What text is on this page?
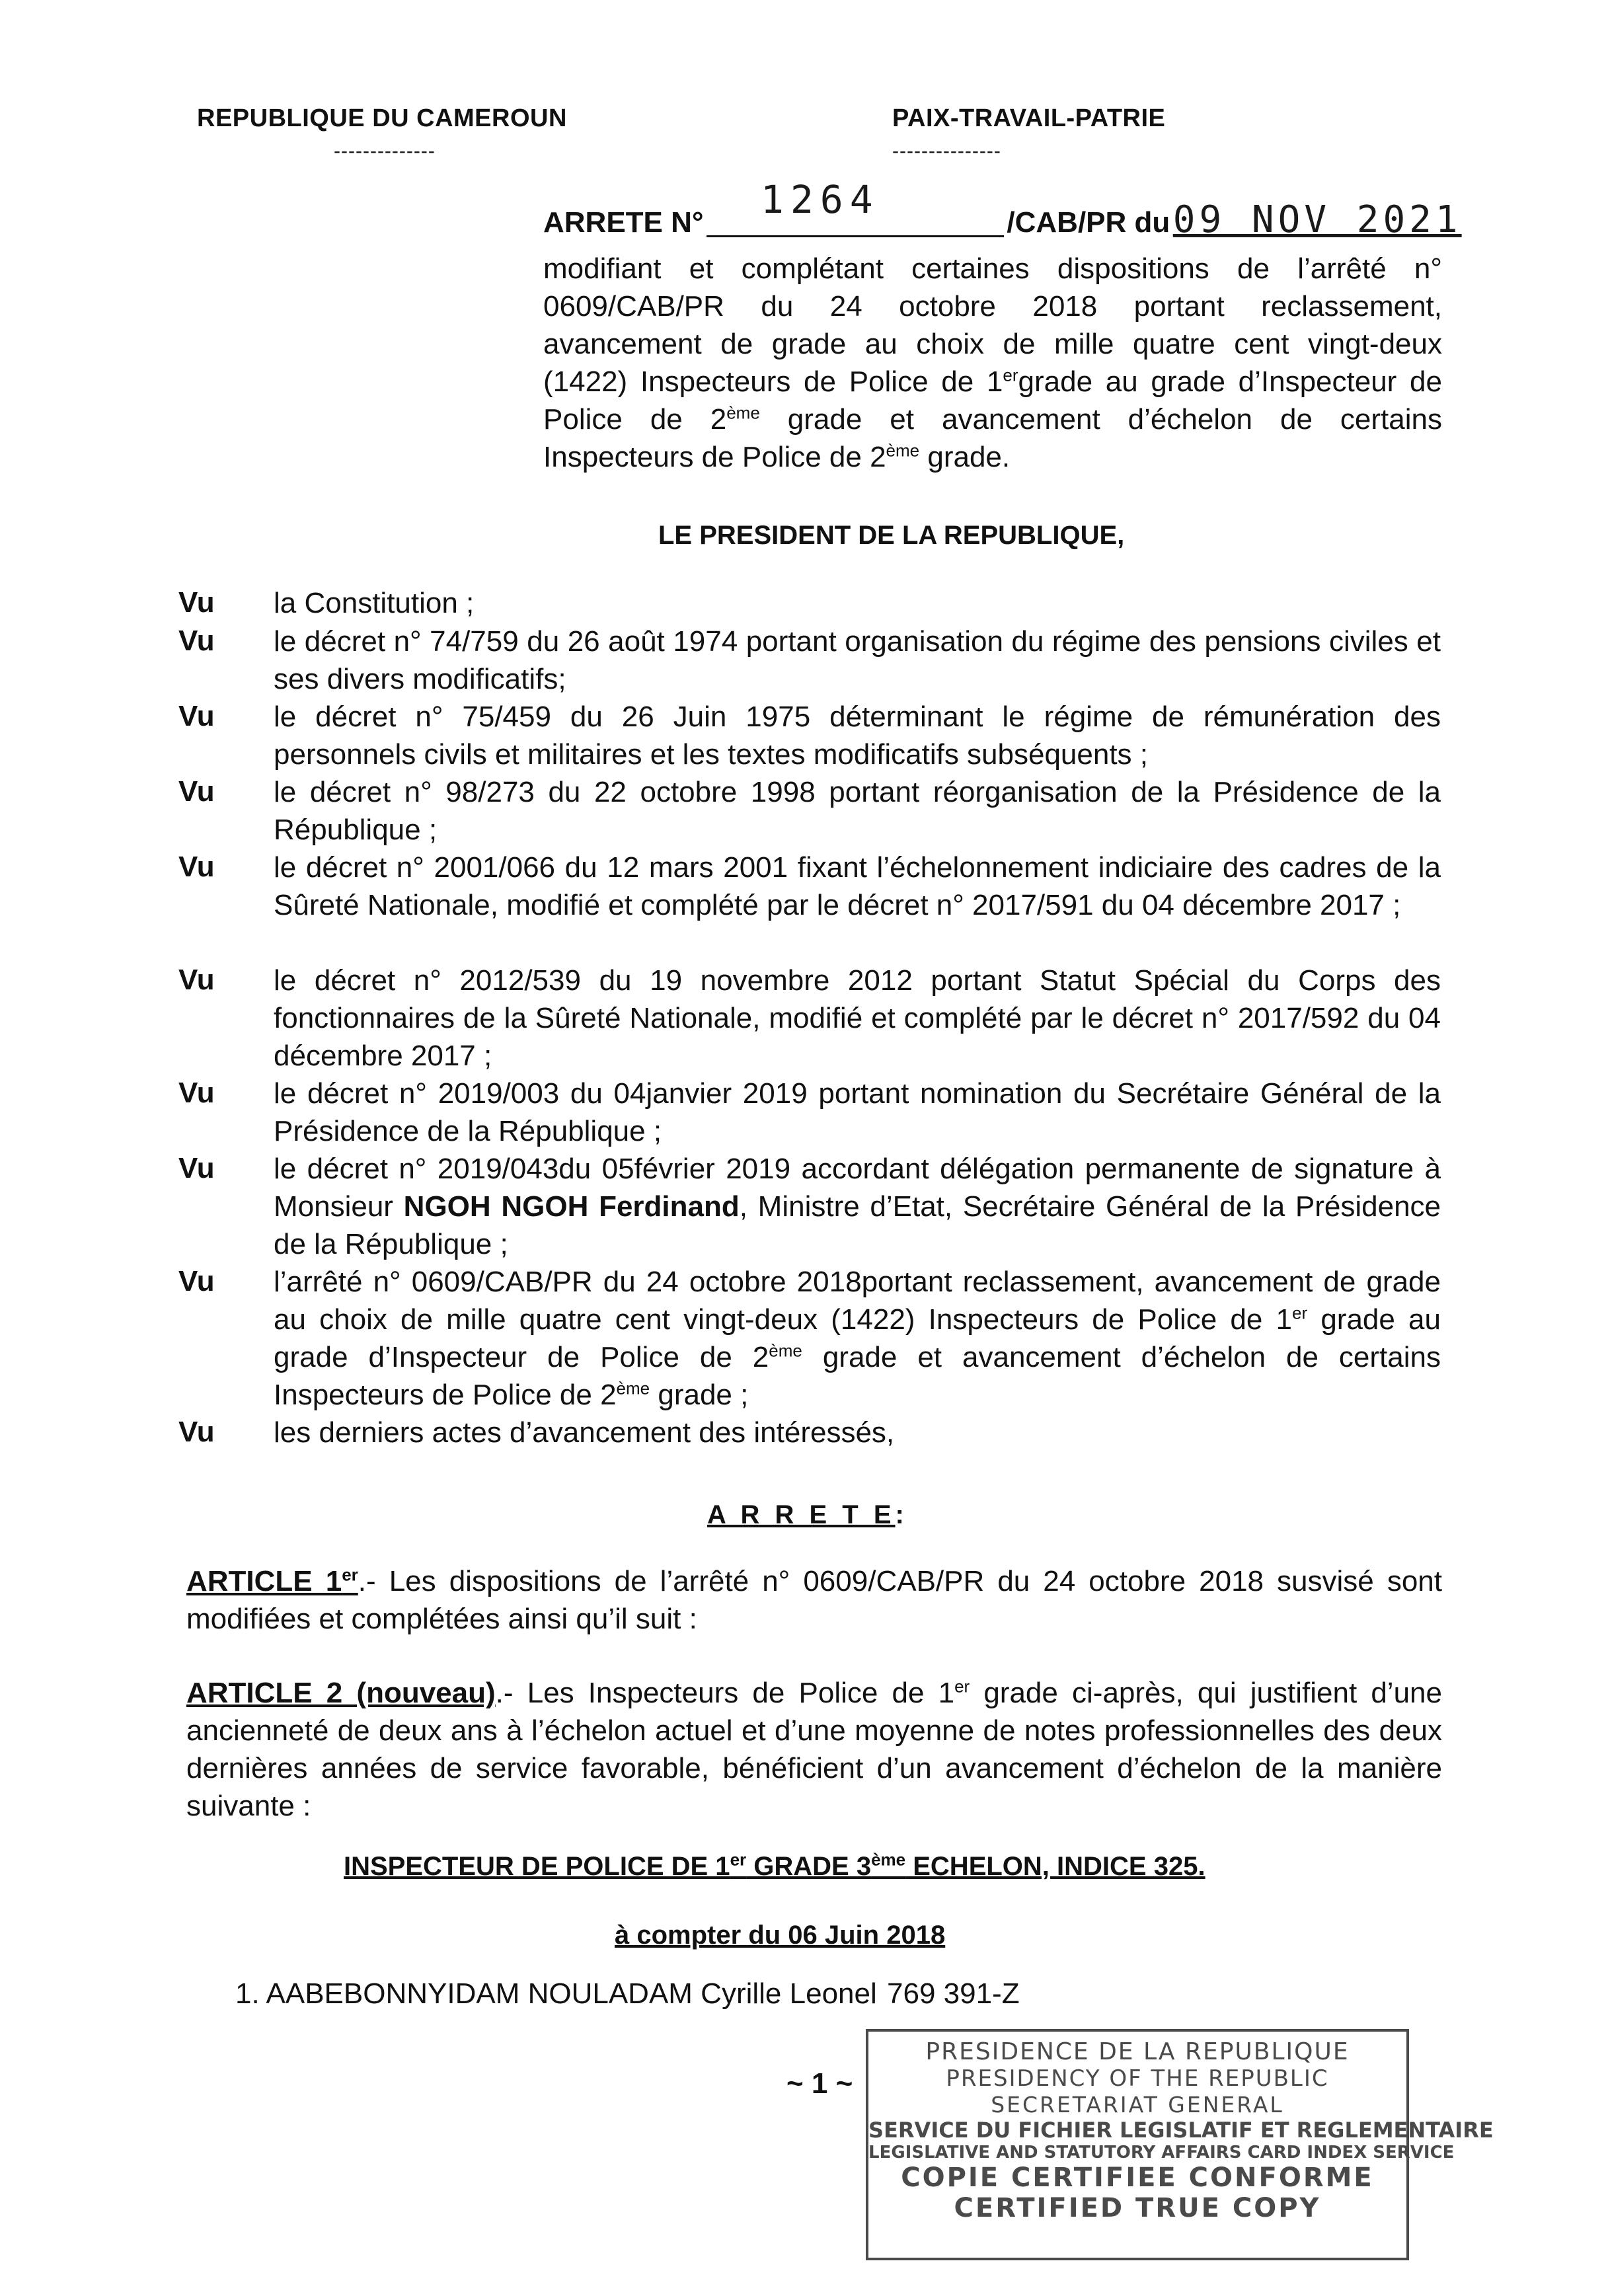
REPUBLIQUE DU CAMEROUN
--------------
PAIX-TRAVAIL-PATRIE
---------------
ARRETE N°
1264
/CAB/PR du 09 NOV 2021
modifiant et complétant certaines dispositions de l’arrêté n°
0609/CAB/PR du 24 octobre 2018 portant reclassement,
avancement de grade au choix de mille quatre cent vingt-deux
(1422) Inspecteurs de Police de 1ergrade au grade d’Inspecteur de
Police de 2ème grade et avancement d’échelon de certains
Inspecteurs de Police de 2ème grade.
LE PRESIDENT DE LA REPUBLIQUE,
Vu	la Constitution ;
Vu	le décret n° 74/759 du 26 août 1974 portant organisation du régime des pensions civiles et ses divers modificatifs;
Vu	le décret n° 75/459 du 26 Juin 1975 déterminant le régime de rémunération des personnels civils et militaires et les textes modificatifs subséquents ;
Vu	le décret n° 98/273 du 22 octobre 1998 portant réorganisation de la Présidence de la République ;
Vu	le décret n° 2001/066 du 12 mars 2001 fixant l’échelonnement indiciaire des cadres de la Sûreté Nationale, modifié et complété par le décret n° 2017/591 du 04 décembre 2017 ;
Vu	le décret n° 2012/539 du 19 novembre 2012 portant Statut Spécial du Corps des fonctionnaires de la Sûreté Nationale, modifié et complété par le décret n° 2017/592 du 04 décembre 2017 ;
Vu	le décret n° 2019/003 du 04janvier 2019 portant nomination du Secrétaire Général de la Présidence de la République ;
Vu	le décret n° 2019/043du 05février 2019 accordant délégation permanente de signature à Monsieur NGOH NGOH Ferdinand, Ministre d’Etat, Secrétaire Général de la Présidence de la République ;
Vu	l’arrêté n° 0609/CAB/PR du 24 octobre 2018portant reclassement, avancement de grade au choix de mille quatre cent vingt-deux (1422) Inspecteurs de Police de 1er grade au grade d’Inspecteur de Police de 2ème grade et avancement d’échelon de certains Inspecteurs de Police de 2ème grade ;
Vu	les derniers actes d’avancement des intéressés,
A R R E T E:
ARTICLE 1er.- Les dispositions de l’arrêté n° 0609/CAB/PR du 24 octobre 2018 susvisé sont modifiées et complétées ainsi qu’il suit :
ARTICLE 2 (nouveau).- Les Inspecteurs de Police de 1er grade ci-après, qui justifient d’une ancienneté de deux ans à l’échelon actuel et d’une moyenne de notes professionnelles des deux dernières années de service favorable, bénéficient d’un avancement d’échelon de la manière suivante :
INSPECTEUR DE POLICE DE 1er GRADE 3ème ECHELON, INDICE 325.
à compter du 06 Juin 2018
1. AABEBONNYIDAM NOULADAM Cyrille Leonel 769 391-Z
~ 1 ~
PRESIDENCE DE LA REPUBLIQUE
PRESIDENCY OF THE REPUBLIC
SECRETARIAT GENERAL
SERVICE DU FICHIER LEGISLATIF ET REGLEMENTAIRE
LEGISLATIVE AND STATUTORY AFFAIRS CARD INDEX SERVICE
COPIE CERTIFIEE CONFORME
CERTIFIED TRUE COPY
